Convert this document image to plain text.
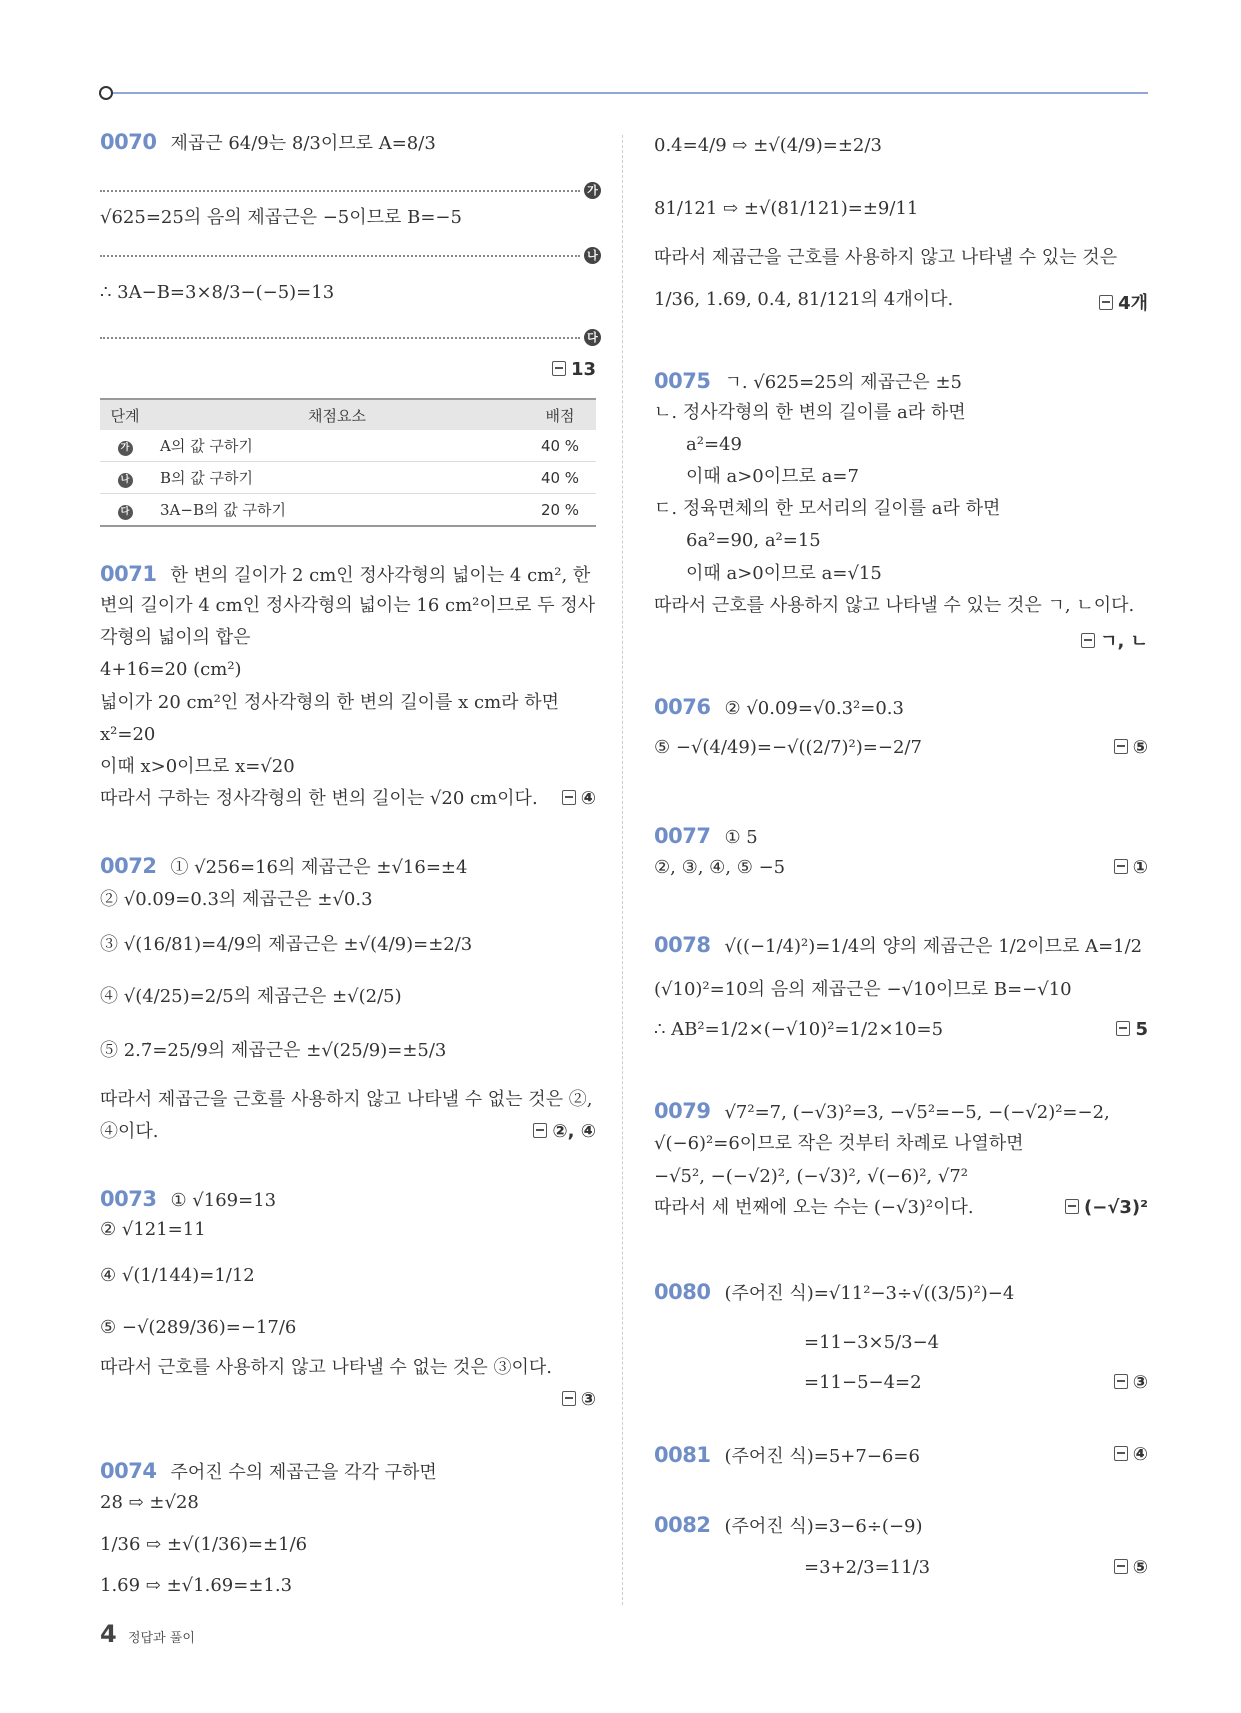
단계	채점요소	배점
가	A의 값 구하기	40 %
나	B의 값 구하기	40 %
다	3A−B의 값 구하기	20 %
0070 제곱근 64/9는 8/3이므로 A=8/3
√625=25의 음의 제곱근은 −5이므로 B=−5
∴ 3A−B=3×8/3−(−5)=13
0071 한 변의 길이가 2 cm인 정사각형의 넓이는 4 cm², 한
변의 길이가 4 cm인 정사각형의 넓이는 16 cm²이므로 두 정사
각형의 넓이의 합은
4+16=20 (cm²)
넓이가 20 cm²인 정사각형의 한 변의 길이를 x cm라 하면
x²=20
이때 x>0이므로 x=√20
따라서 구하는 정사각형의 한 변의 길이는 √20 cm이다.
0072 ① √256=16의 제곱근은 ±√16=±4
② √0.09=0.3의 제곱근은 ±√0.3
③ √(16/81)=4/9의 제곱근은 ±√(4/9)=±2/3
④ √(4/25)=2/5의 제곱근은 ±√(2/5)
⑤ 2.7̇=25/9의 제곱근은 ±√(25/9)=±5/3
따라서 제곱근을 근호를 사용하지 않고 나타낼 수 없는 것은 ②,
④이다.
0073 ① √169=13
② √121=11
④ √(1/144)=1/12
⑤ −√(289/36)=−17/6
따라서 근호를 사용하지 않고 나타낼 수 없는 것은 ③이다.
0074 주어진 수의 제곱근을 각각 구하면
28 ⇨ ±√28
1/36 ⇨ ±√(1/36)=±1/6
1.69 ⇨ ±√1.69=±1.3
13
④
②, ④
③
가
나
다
0.4̇=4/9 ⇨ ±√(4/9)=±2/3
81/121 ⇨ ±√(81/121)=±9/11
따라서 제곱근을 근호를 사용하지 않고 나타낼 수 있는 것은
1/36, 1.69, 0.4̇, 81/121의 4개이다.
0075 ㄱ. √625=25의 제곱근은 ±5
ㄴ. 정사각형의 한 변의 길이를 a라 하면
a²=49
이때 a>0이므로 a=7
ㄷ. 정육면체의 한 모서리의 길이를 a라 하면
6a²=90, a²=15
이때 a>0이므로 a=√15
따라서 근호를 사용하지 않고 나타낼 수 있는 것은 ㄱ, ㄴ이다.
0076 ② √0.09=√0.3²=0.3
⑤ −√(4/49)=−√((2/7)²)=−2/7
0077 ① 5
②, ③, ④, ⑤ −5
0078 √((−1/4)²)=1/4의 양의 제곱근은 1/2이므로 A=1/2
(√10)²=10의 음의 제곱근은 −√10이므로 B=−√10
∴ AB²=1/2×(−√10)²=1/2×10=5
0079 √7²=7, (−√3)²=3, −√5²=−5, −(−√2)²=−2,
√(−6)²=6이므로 작은 것부터 차례로 나열하면
−√5², −(−√2)², (−√3)², √(−6)², √7²
따라서 세 번째에 오는 수는 (−√3)²이다.
0080 (주어진 식)=√11²−3÷√((3/5)²)−4
=11−3×5/3−4
=11−5−4=2
0081 (주어진 식)=5+7−6=6
0082 (주어진 식)=3−6÷(−9)
=3+2/3=11/3
4개
ㄱ, ㄴ
⑤
①
5
(−√3)²
③
④
⑤
4 정답과 풀이
